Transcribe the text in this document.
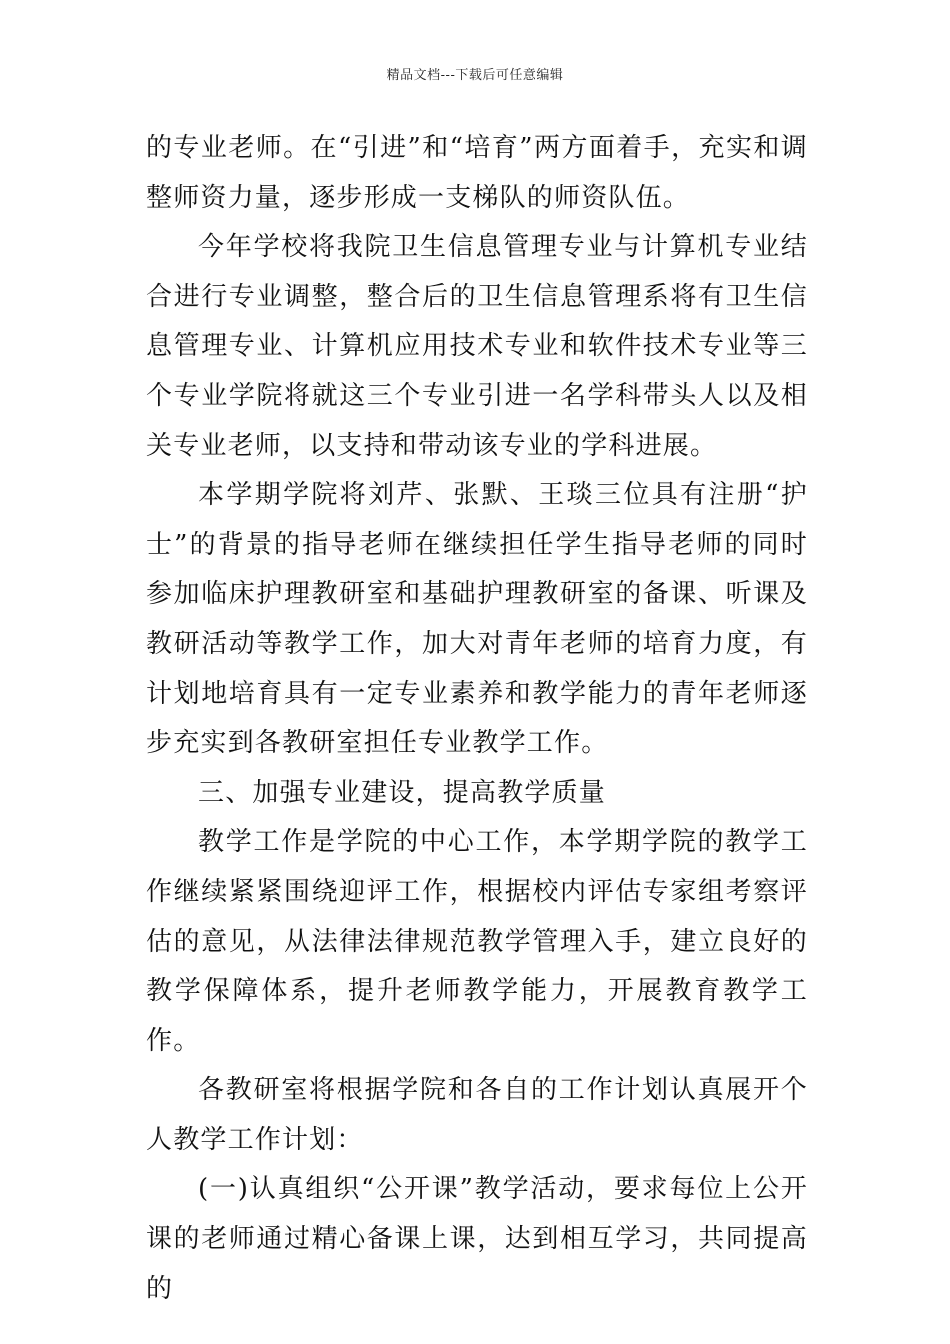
精品文档---下载后可任意编辑

的专业老师。在“引进”和“培育”两方面着手，充实和调整师资力量，逐步形成一支梯队的师资队伍。

今年学校将我院卫生信息管理专业与计算机专业结合进行专业调整，整合后的卫生信息管理系将有卫生信息管理专业、计算机应用技术专业和软件技术专业等三个专业学院将就这三个专业引进一名学科带头人以及相关专业老师，以支持和带动该专业的学科进展。

本学期学院将刘芹、张默、王琰三位具有注册“护士”的背景的指导老师在继续担任学生指导老师的同时参加临床护理教研室和基础护理教研室的备课、听课及教研活动等教学工作，加大对青年老师的培育力度，有计划地培育具有一定专业素养和教学能力的青年老师逐步充实到各教研室担任专业教学工作。

三、加强专业建设，提高教学质量

教学工作是学院的中心工作，本学期学院的教学工作继续紧紧围绕迎评工作，根据校内评估专家组考察评估的意见，从法律法律规范教学管理入手，建立良好的教学保障体系，提升老师教学能力，开展教育教学工作。

各教研室将根据学院和各自的工作计划认真展开个人教学工作计划：

(一)认真组织“公开课”教学活动，要求每位上公开课的老师通过精心备课上课，达到相互学习，共同提高的
